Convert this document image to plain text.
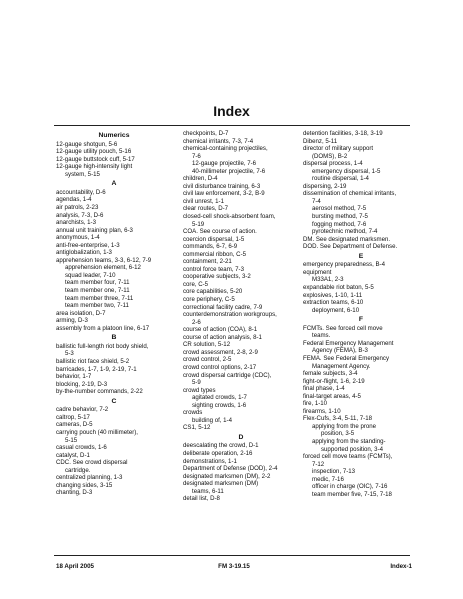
Index
Numerics
12-gauge shotgun, 5-6
12-gauge utility pouch, 5-16
12-gauge buttstock cuff, 5-17
12-gauge high-intensity light
system, 5-15
A
accountability, D-6
agendas, 1-4
air patrols, 2-23
analysis, 7-3, D-6
anarchists, 1-3
annual unit training plan, 6-3
anonymous, 1-4
anti-free-enterprise, 1-3
antiglobalization, 1-3
apprehension teams, 3-3, 6-12, 7-9
apprehension element, 6-12
squad leader, 7-10
team member four, 7-11
team member one, 7-11
team member three, 7-11
team member two, 7-11
area isolation, D-7
arming, D-3
assembly from a platoon line, 6-17
B
ballistic full-length riot body shield,
5-3
ballistic riot face shield, 5-2
barricades, 1-7, 1-9, 2-19, 7-1
behavior, 1-7
blocking, 2-19, D-3
by-the-number commands, 2-22
C
cadre behavior, 7-2
caltrop, 5-17
cameras, D-5
carrying pouch (40 millimeter),
5-15
casual crowds, 1-6
catalyst, D-1
CDC. See crowd dispersal
cartridge.
centralized planning, 1-3
changing sides, 3-15
chanting, D-3
checkpoints, D-7
chemical irritants, 7-3, 7-4
chemical-containing projectiles,
7-6
12-gauge projectile, 7-6
40-millimeter projectile, 7-6
children, D-4
civil disturbance training, 6-3
civil law enforcement, 3-2, B-9
civil unrest, 1-1
clear routes, D-7
closed-cell shock-absorbent foam,
5-19
COA. See course of action.
coercion dispersal, 1-5
commands, 6-7, 6-9
commercial ribbon, C-5
containment, 2-21
control force team, 7-3
cooperative subjects, 3-2
core, C-5
core capabilities, 5-20
core periphery, C-5
correctional facility cadre, 7-9
counterdemonstration workgroups,
2-6
course of action (COA), 8-1
course of action analysis, 8-1
CR solution, 5-12
crowd assessment, 2-8, 2-9
crowd control, 2-5
crowd control options, 2-17
crowd dispersal cartridge (CDC),
5-9
crowd types
agitated crowds, 1-7
sighting crowds, 1-6
crowds
building of, 1-4
CS1, 5-12
D
deescalating the crowd, D-1
deliberate operation, 2-16
demonstrations, 1-1
Department of Defense (DOD), 2-4
designated marksmen (DM), 2-2
designated marksmen (DM)
teams, 6-11
detail list, D-8
detention facilities, 3-18, 3-19
Dibenz, 5-11
director of military support
(DOMS), B-2
dispersal process, 1-4
emergency dispersal, 1-5
routine dispersal, 1-4
dispersing, 2-19
dissemination of chemical irritants,
7-4
aerosol method, 7-5
bursting method, 7-5
fogging method, 7-6
pyrotechnic method, 7-4
DM. See designated marksmen.
DOD. See Department of Defense.
E
emergency preparedness, B-4
equipment
M33A1, 2-3
expandable riot baton, 5-5
explosives, 1-10, 1-11
extraction teams, 6-10
deployment, 6-10
F
FCMTs. See forced cell move
teams.
Federal Emergency Management
Agency (FEMA), B-3
FEMA. See Federal Emergency
Management Agency.
female subjects, 3-4
fight-or-flight, 1-6, 2-19
final phase, 1-4
final-target areas, 4-5
fire, 1-10
firearms, 1-10
Flex-Cufs, 3-4, 5-11, 7-18
applying from the prone
position, 3-5
applying from the standing-
supported position, 3-4
forced cell move teams (FCMTs),
7-12
inspection, 7-13
medic, 7-16
officer in charge (OIC), 7-16
team member five, 7-15, 7-18
18 April 2005	FM 3-19.15	Index-1
